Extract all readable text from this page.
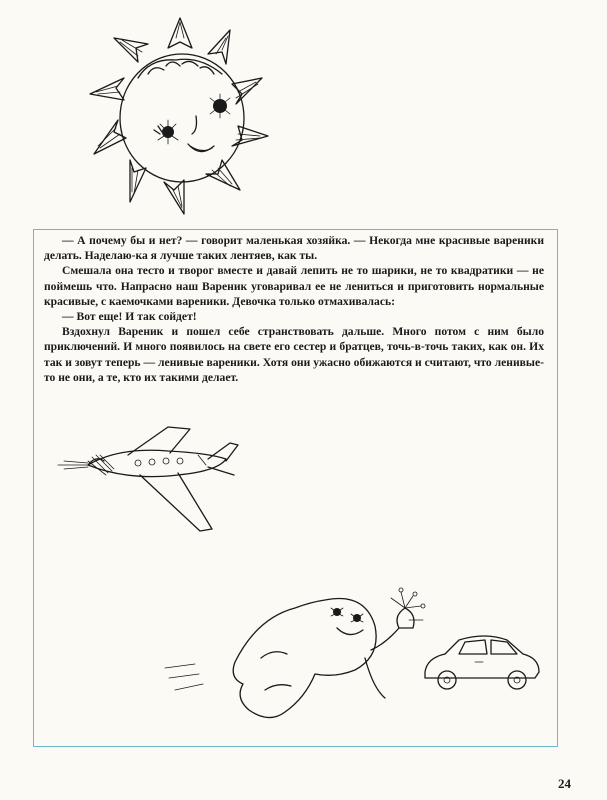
— А почему бы и нет? — говорит маленькая хозяйка. — Некогда мне красивые вареники делать. Наделаю-ка я лучше таких лентяев, как ты.

Смешала она тесто и творог вместе и давай лепить не то шарики, не то квадратики — не поймешь что. Напрасно наш Вареник уговаривал ее не лениться и приготовить нормальные красивые, с каемочками вареники. Девочка только отмахивалась:

— Вот еще! И так сойдет!

Вздохнул Вареник и пошел себе странствовать дальше. Много потом с ним было приключений. И много появилось на свете его сестер и братцев, точь-в-точь таких, как он. Их так и зовут теперь — ленивые вареники. Хотя они ужасно обижаются и считают, что ленивые-то не они, а те, кто их такими делает.

24
